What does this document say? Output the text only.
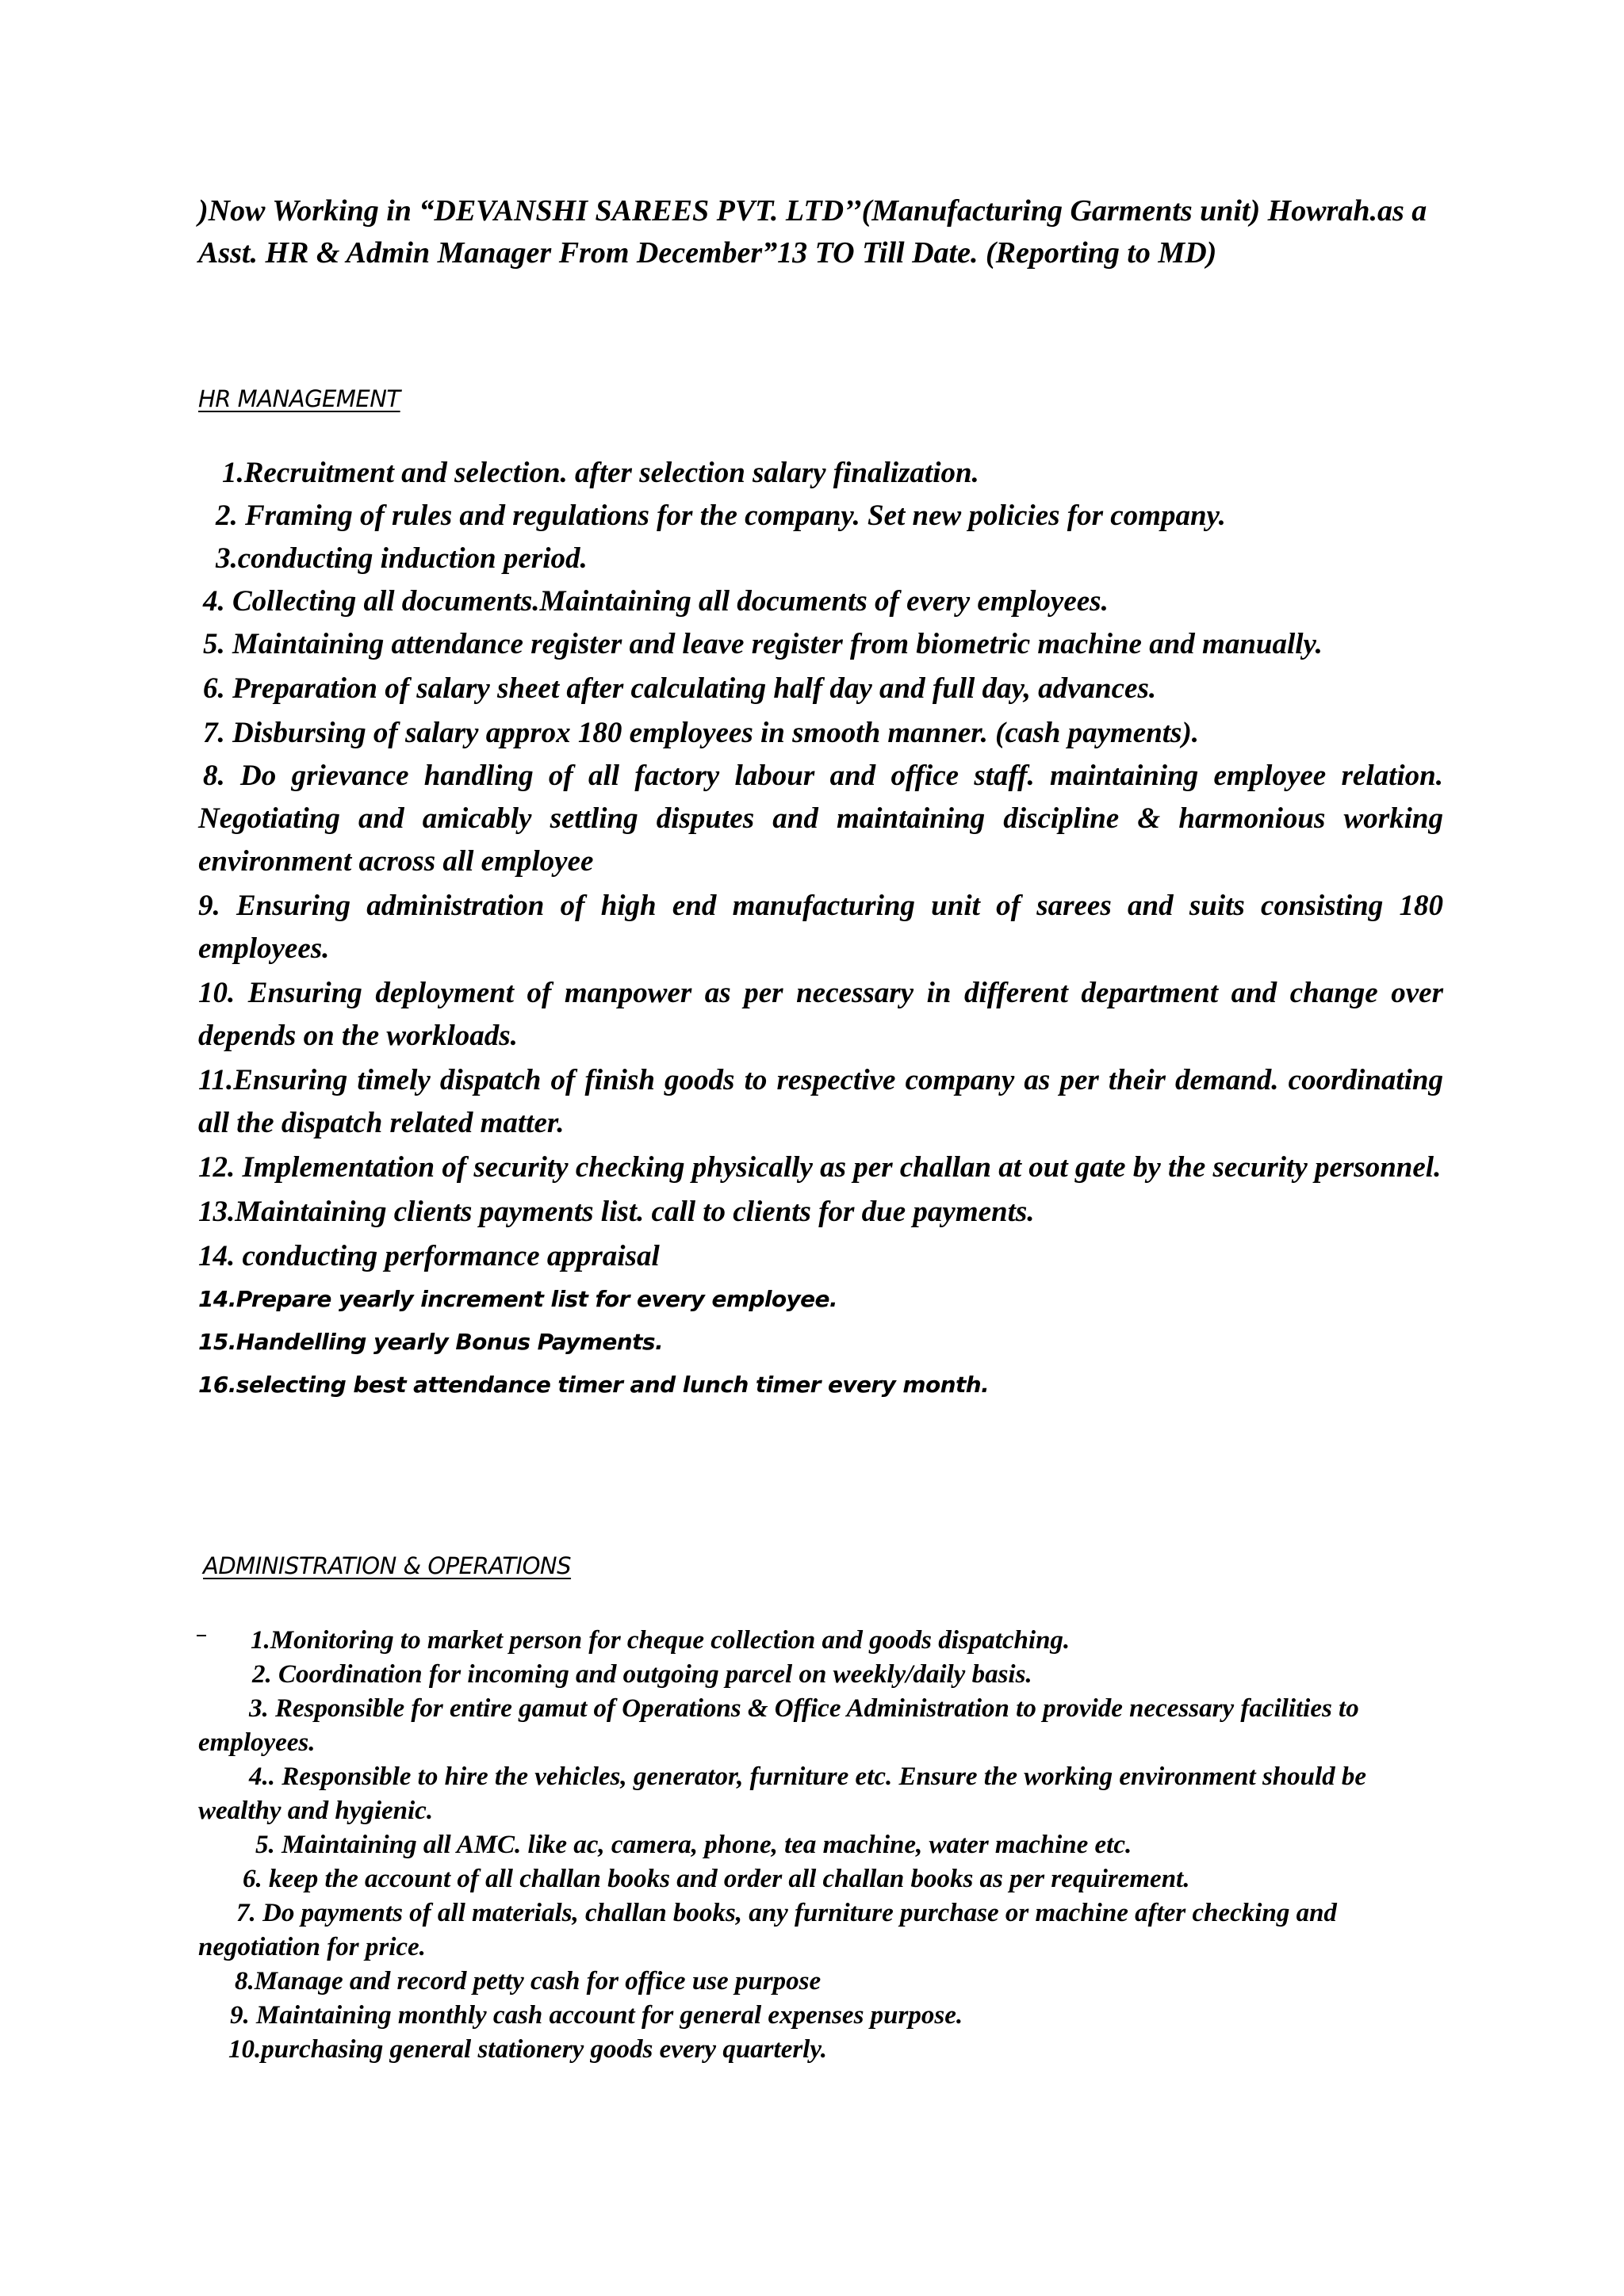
)Now Working in “DEVANSHI SAREES PVT. LTD’’(Manufacturing Garments unit) Howrah.as a Asst. HR & Admin Manager From December”13 TO Till Date. (Reporting to MD)

HR MANAGEMENT

1.Recruitment and selection. after selection salary finalization.

2. Framing of rules and regulations for the company. Set new policies for company.

3.conducting induction period.

4. Collecting all documents.Maintaining all documents of every employees.

5. Maintaining attendance register and leave register from biometric machine and manually.

6. Preparation of salary sheet after calculating half day and full day, advances.

7. Disbursing of salary approx 180 employees in smooth manner. (cash payments).

8. Do grievance handling of all factory labour and office staff. maintaining employee relation. Negotiating and amicably settling disputes and maintaining discipline & harmonious working environment across all employee

9. Ensuring administration of high end manufacturing unit of sarees and suits consisting 180 employees.

10. Ensuring deployment of manpower as per necessary in different department and change over depends on the workloads.

11.Ensuring timely dispatch of finish goods to respective company as per their demand. coordinating all the dispatch related matter.

12. Implementation of security checking physically as per challan at out gate by the security personnel.

13.Maintaining clients payments list. call to clients for due payments.

14. conducting performance appraisal

14.Prepare yearly increment list for every employee.

15.Handelling yearly Bonus Payments.

16.selecting best attendance timer and lunch timer every month.

ADMINISTRATION & OPERATIONS

1.Monitoring to market person for cheque collection and goods dispatching.

2. Coordination for incoming and outgoing parcel on weekly/daily basis.

3. Responsible for entire gamut of Operations & Office Administration to provide necessary facilities to employees.

4.. Responsible to hire the vehicles, generator, furniture etc. Ensure the working environment should be wealthy and hygienic.

5. Maintaining all AMC. like ac, camera, phone, tea machine, water machine etc.

6. keep the account of all challan books and order all challan books as per requirement.

7. Do payments of all materials, challan books, any furniture purchase or machine after checking and negotiation for price.

8.Manage and record petty cash for office use purpose

9. Maintaining monthly cash account for general expenses purpose.

10.purchasing general stationery goods every quarterly.
